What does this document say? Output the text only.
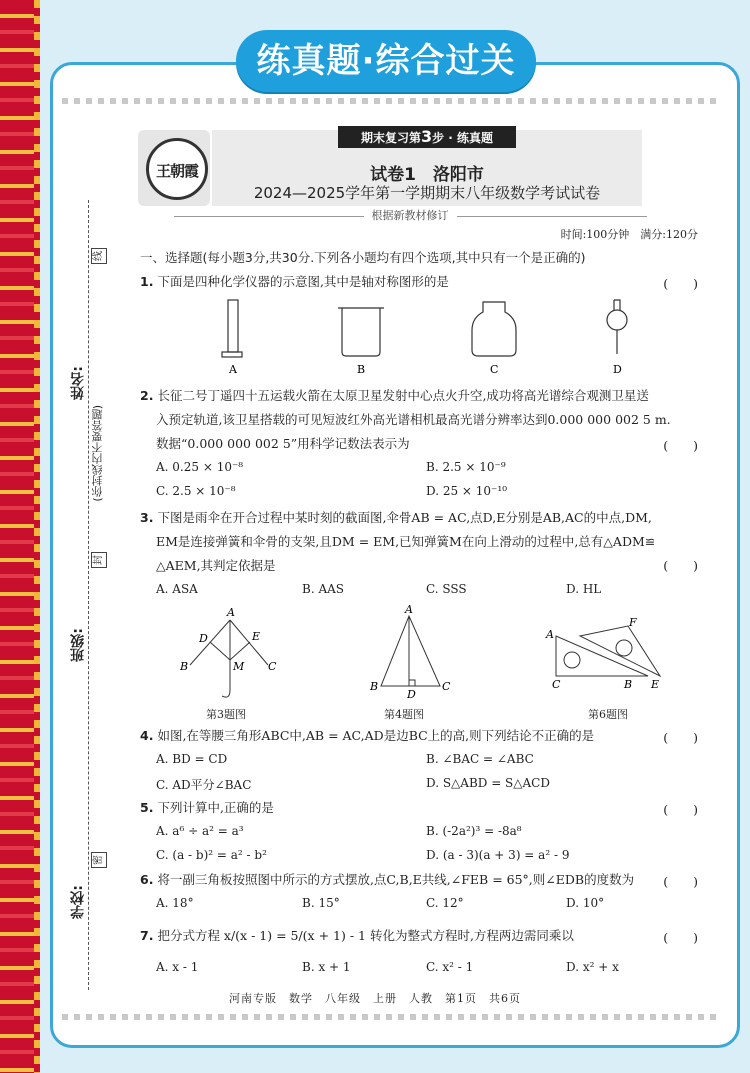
练真题·综合过关
线
封
密
姓名:
班级:
学校:
(你封线内不要答题)
王朝霞
期末复习第3步 · 练真题
试卷1　洛阳市
2024—2025学年第一学期期末八年级数学考试试卷
根据新教材修订
时间:100分钟　满分:120分
一、选择题(每小题3分,共30分.下列各小题均有四个选项,其中只有一个是正确的)
1. 下面是四种化学仪器的示意图,其中是轴对称图形的是	(　　)
A	B	C	D
2. 长征二号丁遥四十五运载火箭在太原卫星发射中心点火升空,成功将高光谱综合观测卫星送
入预定轨道,该卫星搭载的可见短波红外高光谱相机最高光谱分辨率达到0.000 000 002 5 m.
数据“0.000 000 002 5”用科学记数法表示为	(　　)
A. 0.25 × 10⁻⁸	B. 2.5 × 10⁻⁹
C. 2.5 × 10⁻⁸	D. 25 × 10⁻¹⁰
3. 下图是雨伞在开合过程中某时刻的截面图,伞骨AB = AC,点D,E分别是AB,AC的中点,DM,
EM是连接弹簧和伞骨的支架,且DM = EM,已知弹簧M在向上滑动的过程中,总有△ADM≌
△AEM,其判定依据是	(　　)
A. ASA	B. AAS	C. SSS	D. HL
A
D	E
B	M C
A
B
D
C
A
F
C	B E
第3题图	第4题图	第6题图
4. 如图,在等腰三角形ABC中,AB = AC,AD是边BC上的高,则下列结论不正确的是	(　　)
A. BD = CD	B. ∠BAC = ∠ABC
C. AD平分∠BAC	D. S△ABD = S△ACD
5. 下列计算中,正确的是	(　　)
A. a⁶ ÷ a² = a³	B. (-2a²)³ = -8a⁸
C. (a - b)² = a² - b²	D. (a - 3)(a + 3) = a² - 9
6. 将一副三角板按照图中所示的方式摆放,点C,B,E共线,∠FEB = 65°,则∠EDB的度数为 (　　)
A. 18°	B. 15°	C. 12°	D. 10°
7. 把分式方程 x/(x - 1) = 5/(x + 1) - 1 转化为整式方程时,方程两边需同乘以	(　　)
A. x - 1	B. x + 1	C. x² - 1	D. x² + x
河南专版　数学　八年级　上册　人教　第1页　共6页
